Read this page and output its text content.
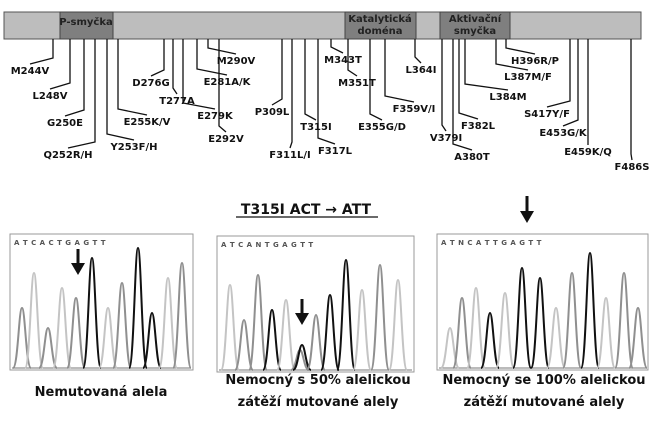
P-smyčka	Katalytická
doména
Aktivační
smyčka
M244V
L248V
G250E
Q252R/H
Y253F/H
E255K/V
D276G
T277A
E279K
E281A/K
M290V
E292V
P309L
F311L/I
T315I
F317L
M343T
M351T
E355G/D
F359V/I
L364I
V379I
A380T
F382L
L384M
L387M/F
H396R/P
S417Y/F
E453G/K
E459K/Q
F486S
T315I ACT → ATT
A T C A C T G A G T T
Nemutovaná alela
A T C A N T G A G T T
Nemocný s 50% alelickou
zátěží mutované alely
A T N C A T T G A G T T
Nemocný se 100% alelickou
zátěží mutované alely
